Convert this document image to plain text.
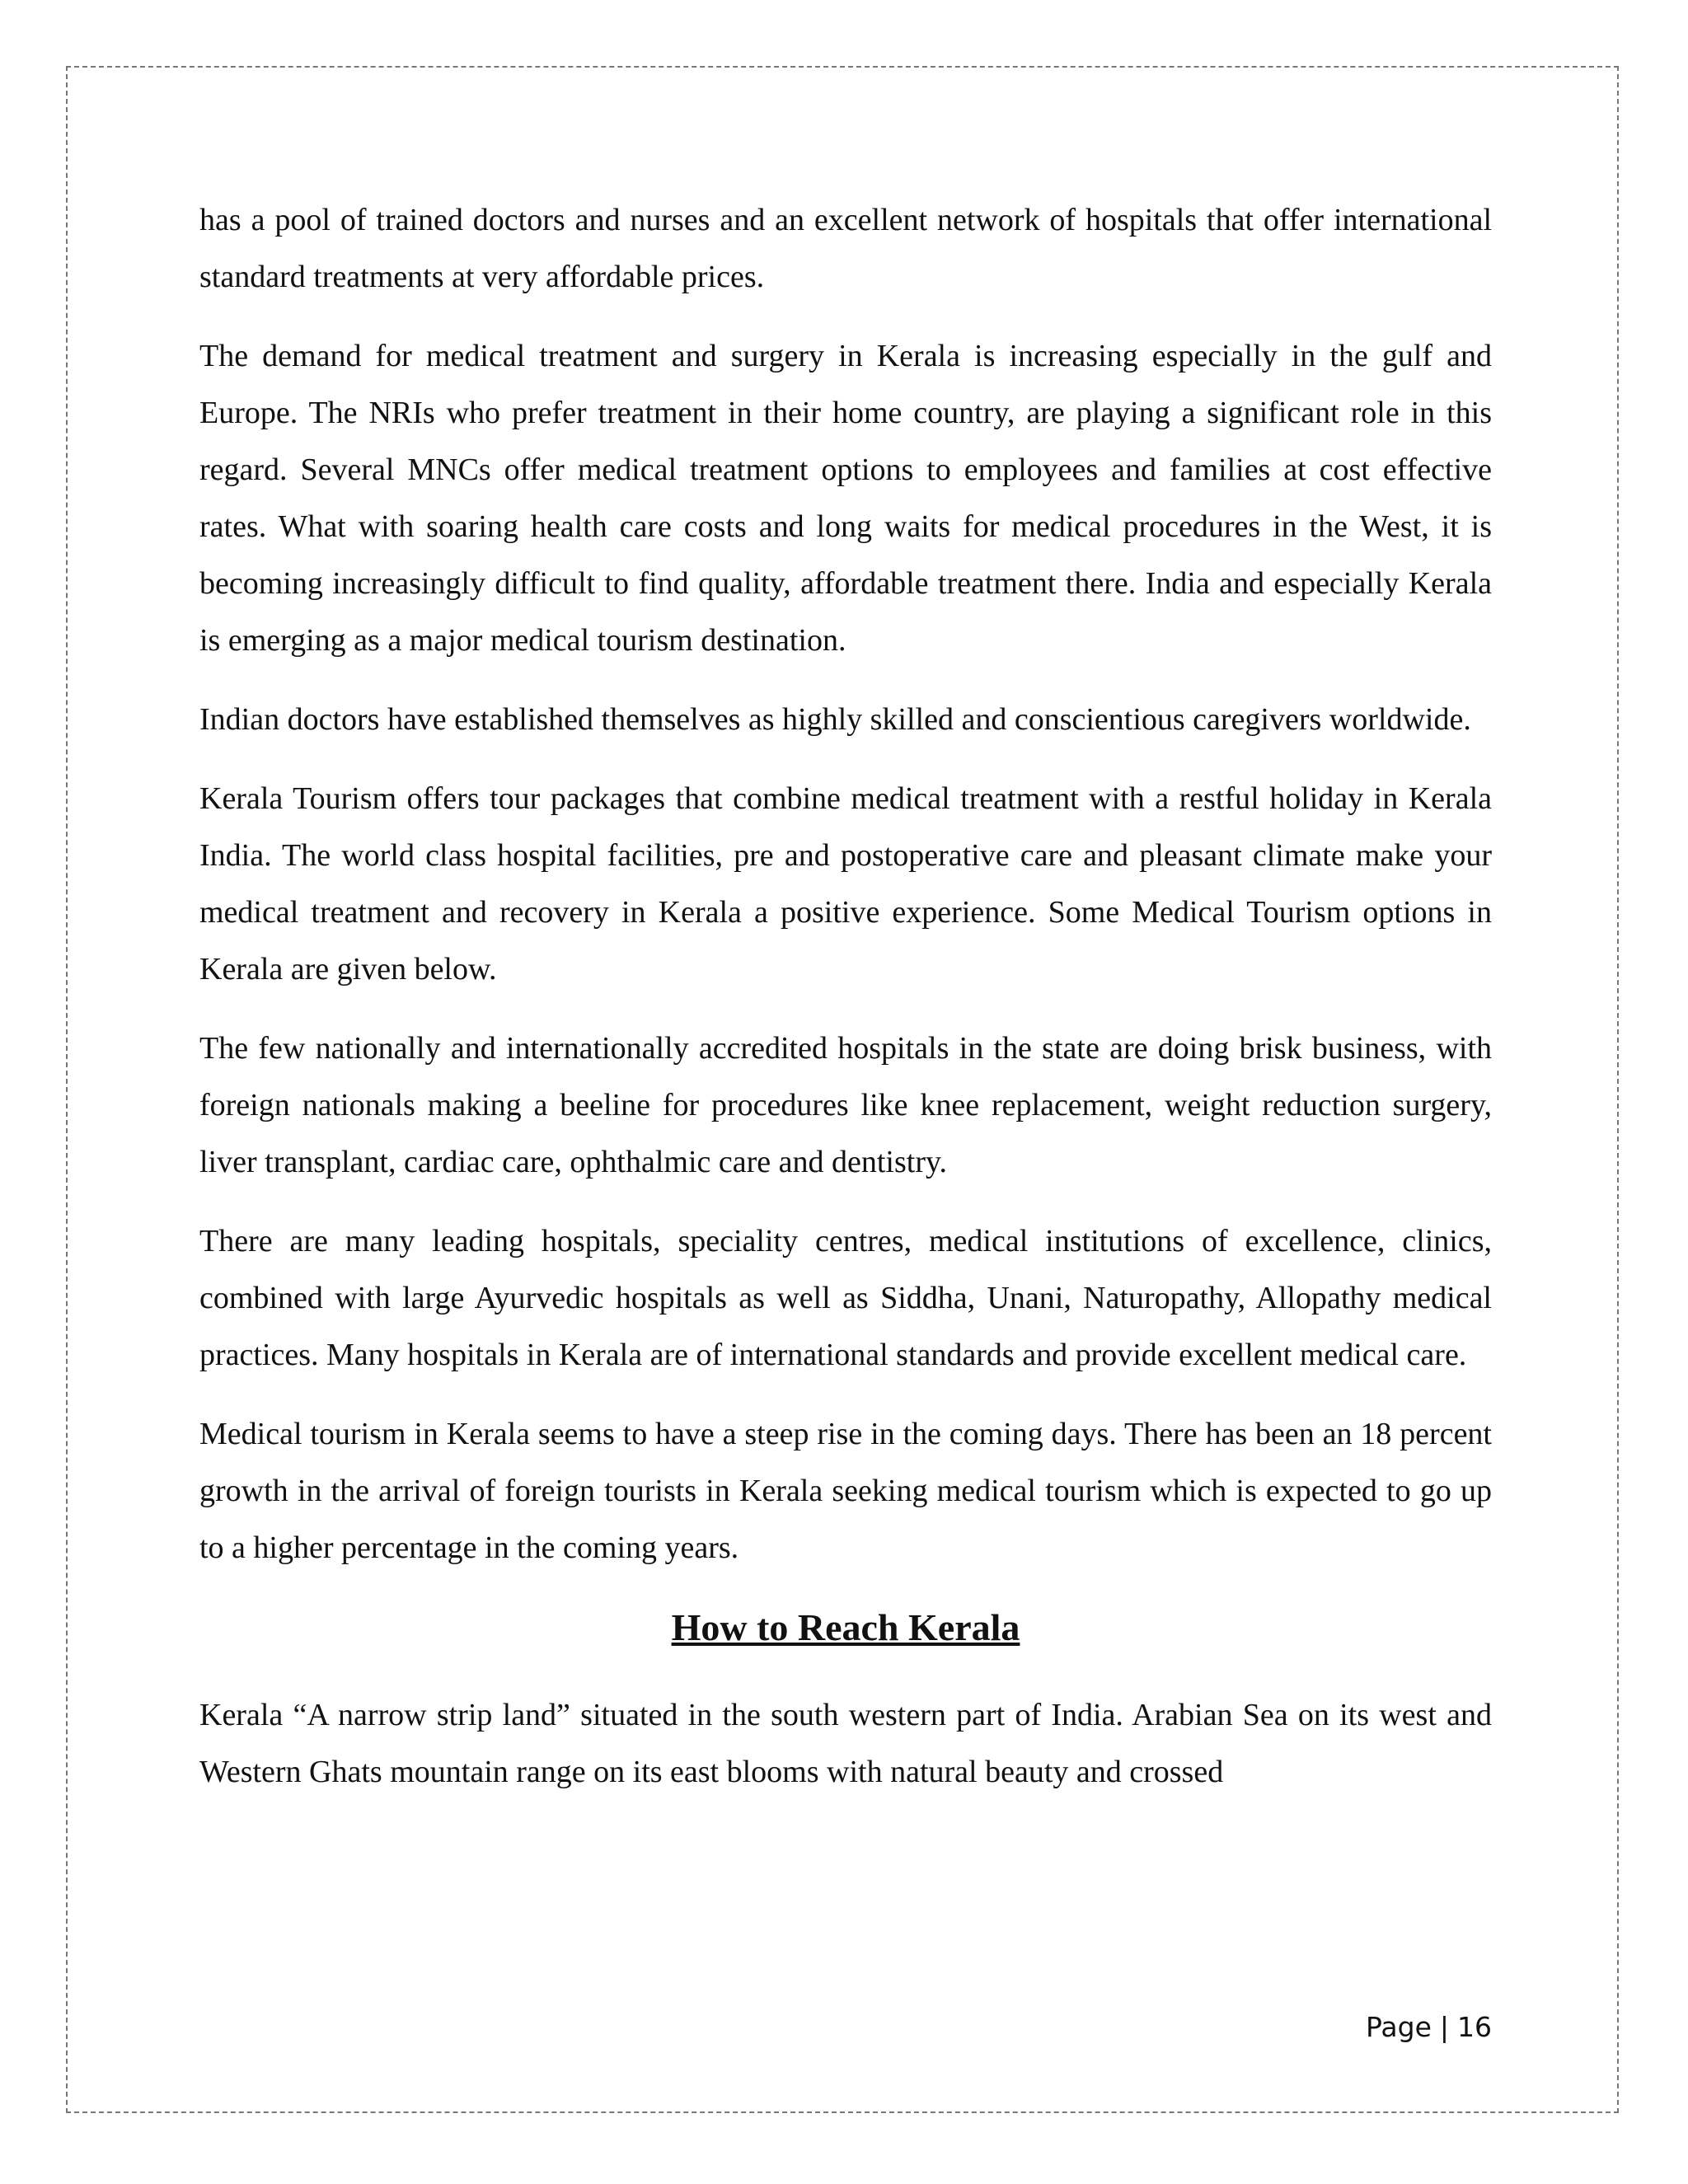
has a pool of trained doctors and nurses and an excellent network of hospitals that offer international standard treatments at very affordable prices.

The demand for medical treatment and surgery in Kerala is increasing especially in the gulf and Europe. The NRIs who prefer treatment in their home country, are playing a significant role in this regard. Several MNCs offer medical treatment options to employees and families at cost effective rates. What with soaring health care costs and long waits for medical procedures in the West, it is becoming increasingly difficult to find quality, affordable treatment there. India and especially Kerala is emerging as a major medical tourism destination.

Indian doctors have established themselves as highly skilled and conscientious caregivers worldwide.

Kerala Tourism offers tour packages that combine medical treatment with a restful holiday in Kerala India. The world class hospital facilities, pre and postoperative care and pleasant climate make your medical treatment and recovery in Kerala a positive experience. Some Medical Tourism options in Kerala are given below.

The few nationally and internationally accredited hospitals in the state are doing brisk business, with foreign nationals making a beeline for procedures like knee replacement, weight reduction surgery, liver transplant, cardiac care, ophthalmic care and dentistry.

There are many leading hospitals, speciality centres, medical institutions of excellence, clinics, combined with large Ayurvedic hospitals as well as Siddha, Unani, Naturopathy, Allopathy medical practices. Many hospitals in Kerala are of international standards and provide excellent medical care.

Medical tourism in Kerala seems to have a steep rise in the coming days. There has been an 18 percent growth in the arrival of foreign tourists in Kerala seeking medical tourism which is expected to go up to a higher percentage in the coming years.

How to Reach Kerala

Kerala “A narrow strip land” situated in the south western part of India. Arabian Sea on its west and Western Ghats mountain range on its east blooms with natural beauty and crossed

Page | 16
